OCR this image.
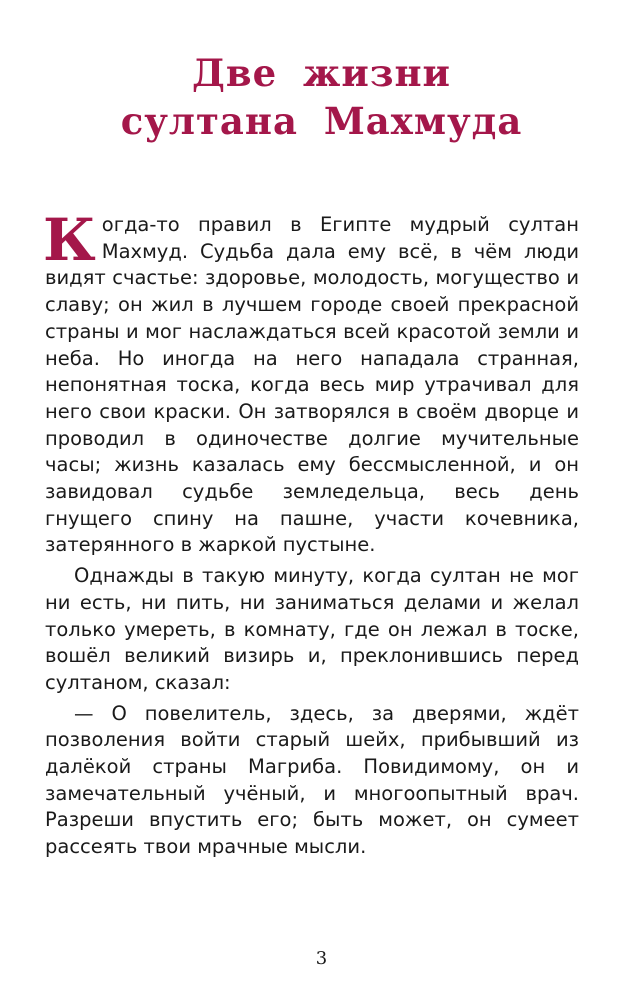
Две жизни
султана Махмуда

Когда-то правил в Египте мудрый султан Махмуд. Судьба дала ему всё, в чём люди видят счастье: здоровье, молодость, могущество и славу; он жил в лучшем городе своей прекрасной страны и мог наслаждаться всей красотой земли и неба. Но иногда на него нападала странная, непонятная тоска, когда весь мир утрачивал для него свои краски. Он затворялся в своём дворце и проводил в одиночестве долгие мучительные часы; жизнь казалась ему бессмысленной, и он завидовал судьбе земледельца, весь день гнущего спину на пашне, участи кочевника, затерянного в жаркой пустыне.

Однажды в такую минуту, когда султан не мог ни есть, ни пить, ни заниматься делами и желал только умереть, в комнату, где он лежал в тоске, вошёл великий визирь и, преклонившись перед султаном, сказал:

— О повелитель, здесь, за дверями, ждёт позволения войти старый шейх, прибывший из далёкой страны Магриба. Повидимому, он и замечательный учёный, и многоопытный врач. Разреши впустить его; быть может, он сумеет рассеять твои мрачные мысли.

3
